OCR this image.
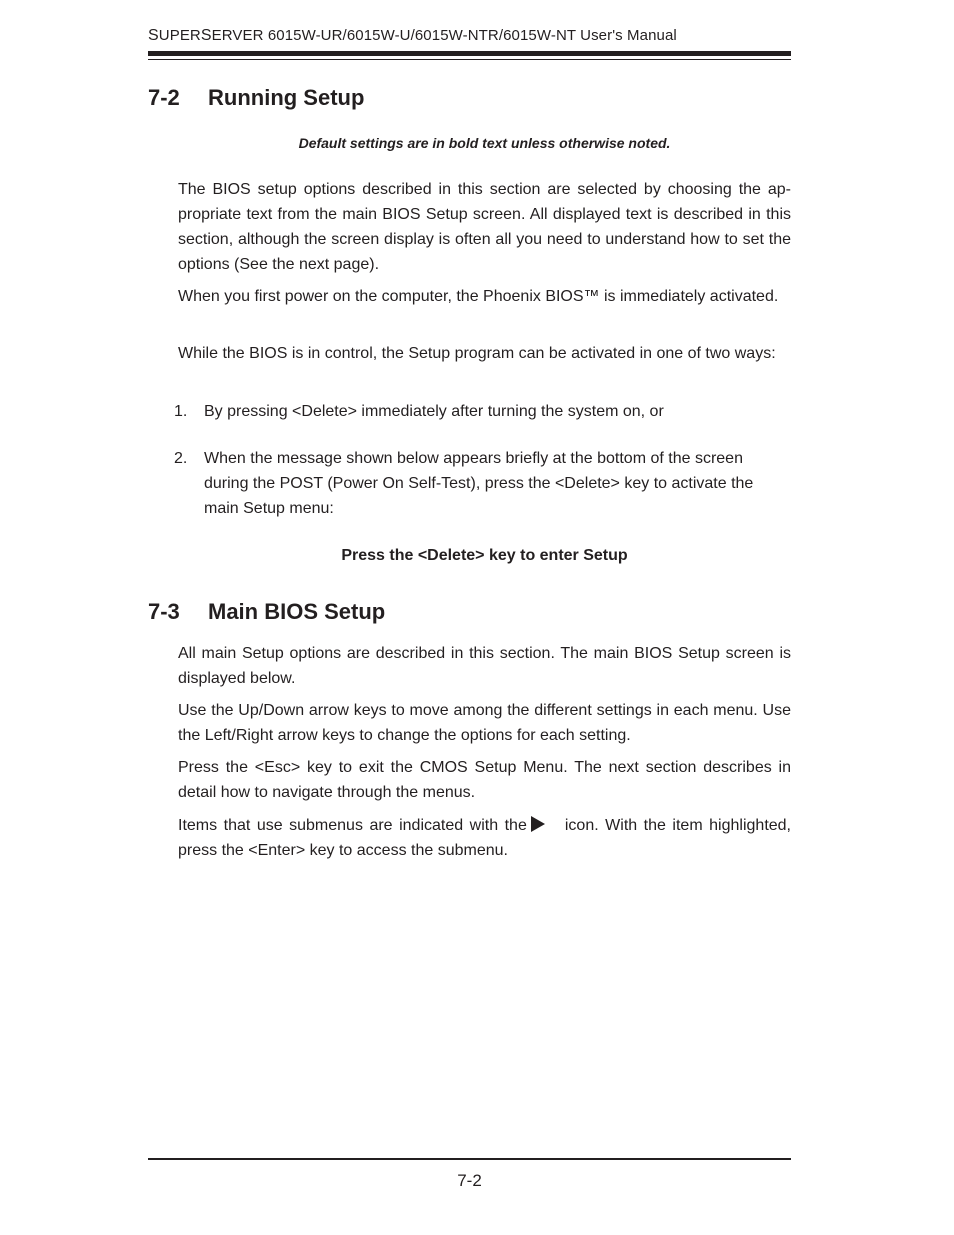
SUPERSERVER 6015W-UR/6015W-U/6015W-NTR/6015W-NT User's Manual
7-2 Running Setup
Default settings are in bold text unless otherwise noted.

The BIOS setup options described in this section are selected by choosing the appropriate text from the main BIOS Setup screen. All displayed text is described in this section, although the screen display is often all you need to understand how to set the options (See the next page).

When you first power on the computer, the Phoenix BIOS™ is immediately activated.

While the BIOS is in control, the Setup program can be activated in one of two ways:

1.	By pressing <Delete> immediately after turning the system on, or
2.	When the message shown below appears briefly at the bottom of the screen during the POST (Power On Self-Test), press the <Delete> key to activate the main Setup menu:
Press the <Delete> key to enter Setup
7-3 Main BIOS Setup

All main Setup options are described in this section. The main BIOS Setup screen is displayed below.

Use the Up/Down arrow keys to move among the different settings in each menu. Use the Left/Right arrow keys to change the options for each setting.

Press the <Esc> key to exit the CMOS Setup Menu. The next section describes in detail how to navigate through the menus.

Items that use submenus are indicated with the icon. With the item highlighted, press the <Enter> key to access the submenu.

7-2
